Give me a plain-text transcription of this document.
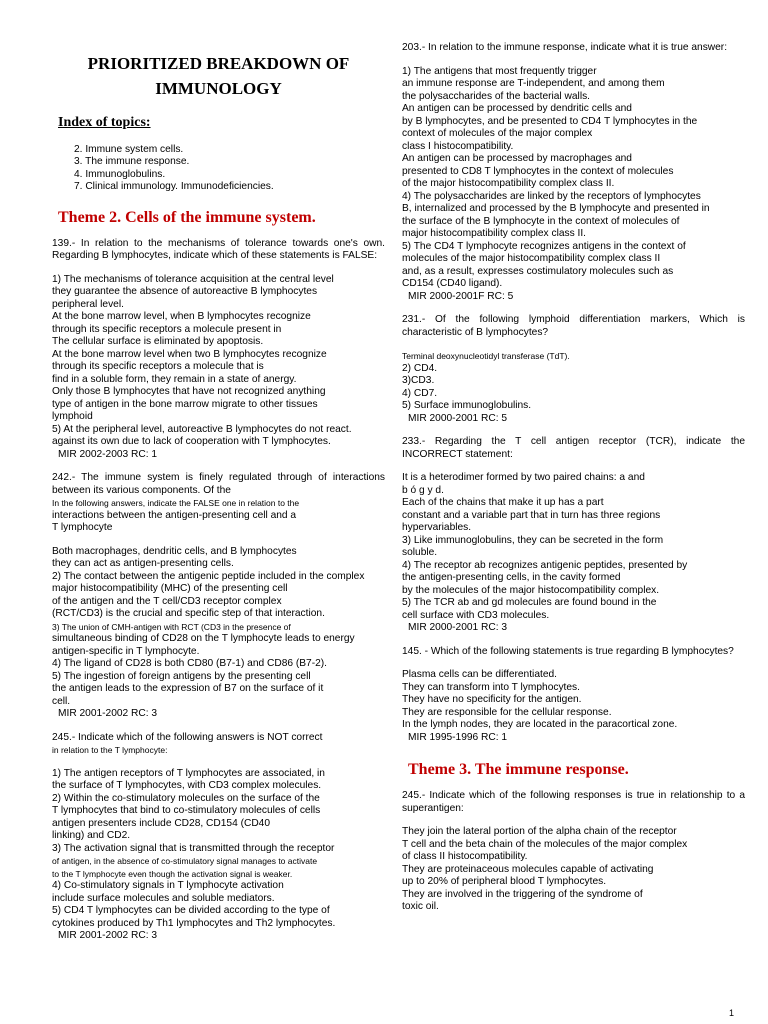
PRIORITIZED BREAKDOWN OF
IMMUNOLOGY
Index of topics:
2. Immune system cells.
3. The immune response.
4. Immunoglobulins.
7. Clinical immunology. Immunodeficiencies.
Theme 2. Cells of the immune system.
139.- In relation to the mechanisms of tolerance towards one's own. Regarding B lymphocytes, indicate which of these statements is FALSE:
1) The mechanisms of tolerance acquisition at the central level
they guarantee the absence of autoreactive B lymphocytes
peripheral level.
At the bone marrow level, when B lymphocytes recognize
through its specific receptors a molecule present in
The cellular surface is eliminated by apoptosis.
At the bone marrow level when two B lymphocytes recognize
through its specific receptors a molecule that is
find in a soluble form, they remain in a state of anergy.
Only those B lymphocytes that have not recognized anything
type of antigen in the bone marrow migrate to other tissues
lymphoid
5) At the peripheral level, autoreactive B lymphocytes do not react.
against its own due to lack of cooperation with T lymphocytes.
MIR 2002-2003 RC: 1
242.- The immune system is finely regulated through of interactions between its various components. Of the
In the following answers, indicate the FALSE one in relation to the
interactions between the antigen-presenting cell and a
T lymphocyte
Both macrophages, dendritic cells, and B lymphocytes
they can act as antigen-presenting cells.
2) The contact between the antigenic peptide included in the complex
major histocompatibility (MHC) of the presenting cell
of the antigen and the T cell/CD3 receptor complex
(RCT/CD3) is the crucial and specific step of that interaction.
3) The union of CMH-antigen with RCT (CD3 in the presence of
simultaneous binding of CD28 on the T lymphocyte leads to energy
antigen-specific in T lymphocyte.
4) The ligand of CD28 is both CD80 (B7-1) and CD86 (B7-2).
5) The ingestion of foreign antigens by the presenting cell
the antigen leads to the expression of B7 on the surface of it
cell.
MIR 2001-2002 RC: 3
245.- Indicate which of the following answers is NOT correct
in relation to the T lymphocyte:
1) The antigen receptors of T lymphocytes are associated, in
the surface of T lymphocytes, with CD3 complex molecules.
2) Within the co-stimulatory molecules on the surface of the
T lymphocytes that bind to co-stimulatory molecules of cells
antigen presenters include CD28, CD154 (CD40
linking) and CD2.
3) The activation signal that is transmitted through the receptor
of antigen, in the absence of co-stimulatory signal manages to activate
to the T lymphocyte even though the activation signal is weaker.
4) Co-stimulatory signals in T lymphocyte activation
include surface molecules and soluble mediators.
5) CD4 T lymphocytes can be divided according to the type of
cytokines produced by Th1 lymphocytes and Th2 lymphocytes.
MIR 2001-2002 RC: 3
203.- In relation to the immune response, indicate what it is true answer:
1) The antigens that most frequently trigger
an immune response are T-independent, and among them
the polysaccharides of the bacterial walls.
An antigen can be processed by dendritic cells and
by B lymphocytes, and be presented to CD4 T lymphocytes in the
context of molecules of the major complex
class I histocompatibility.
An antigen can be processed by macrophages and
presented to CD8 T lymphocytes in the context of molecules
of the major histocompatibility complex class II.
4) The polysaccharides are linked by the receptors of lymphocytes
B, internalized and processed by the B lymphocyte and presented in
the surface of the B lymphocyte in the context of molecules of
major histocompatibility complex class II.
5) The CD4 T lymphocyte recognizes antigens in the context of
molecules of the major histocompatibility complex class II
and, as a result, expresses costimulatory molecules such as
CD154 (CD40 ligand).
MIR 2000-2001F RC: 5
231.- Of the following lymphoid differentiation markers, Which is characteristic of B lymphocytes?
Terminal deoxynucleotidyl transferase (TdT).
2) CD4.
3)CD3.
4) CD7.
5) Surface immunoglobulins.
MIR 2000-2001 RC: 5
233.- Regarding the T cell antigen receptor (TCR), indicate the INCORRECT statement:
It is a heterodimer formed by two paired chains: a and
b ó g y d.
Each of the chains that make it up has a part
constant and a variable part that in turn has three regions
hypervariables.
3) Like immunoglobulins, they can be secreted in the form
soluble.
4) The receptor ab recognizes antigenic peptides, presented by
the antigen-presenting cells, in the cavity formed
by the molecules of the major histocompatibility complex.
5) The TCR ab and gd molecules are found bound in the
cell surface with CD3 molecules.
MIR 2000-2001 RC: 3
145. - Which of the following statements is true regarding B lymphocytes?
Plasma cells can be differentiated.
They can transform into T lymphocytes.
They have no specificity for the antigen.
They are responsible for the cellular response.
In the lymph nodes, they are located in the paracortical zone.
MIR 1995-1996 RC: 1
Theme 3. The immune response.
245.- Indicate which of the following responses is true in relationship to a superantigen:
They join the lateral portion of the alpha chain of the receptor
T cell and the beta chain of the molecules of the major complex
of class II histocompatibility.
They are proteinaceous molecules capable of activating
up to 20% of peripheral blood T lymphocytes.
They are involved in the triggering of the syndrome of
toxic oil.
1
